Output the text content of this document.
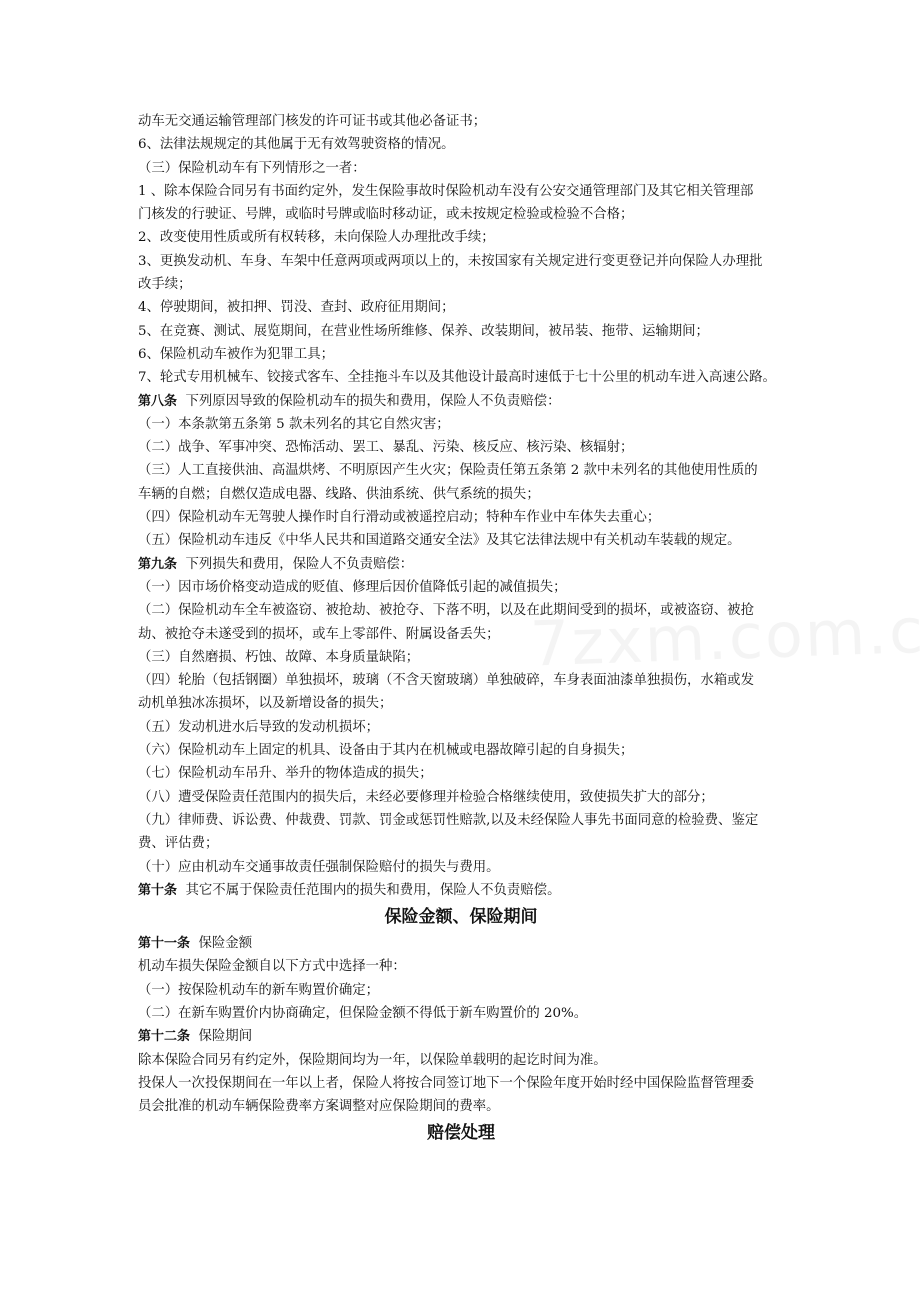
动车无交通运输管理部门核发的许可证书或其他必备证书；
6、法律法规规定的其他属于无有效驾驶资格的情况。
（三）保险机动车有下列情形之一者：
1 、除本保险合同另有书面约定外，发生保险事故时保险机动车没有公安交通管理部门及其它相关管理部
门核发的行驶证、号牌，或临时号牌或临时移动证，或未按规定检验或检验不合格；
2、改变使用性质或所有权转移，未向保险人办理批改手续；
3、更换发动机、车身、车架中任意两项或两项以上的，未按国家有关规定进行变更登记并向保险人办理批
改手续；
4、停驶期间，被扣押、罚没、查封、政府征用期间；
5、在竞赛、测试、展览期间，在营业性场所维修、保养、改装期间，被吊装、拖带、运输期间；
6、保险机动车被作为犯罪工具；
7、轮式专用机械车、铰接式客车、全挂拖斗车以及其他设计最高时速低于七十公里的机动车进入高速公路。
第八条  下列原因导致的保险机动车的损失和费用，保险人不负责赔偿：
（一）本条款第五条第 5 款未列名的其它自然灾害；
（二）战争、军事冲突、恐怖活动、罢工、暴乱、污染、核反应、核污染、核辐射；
（三）人工直接供油、高温烘烤、不明原因产生火灾；保险责任第五条第 2 款中未列名的其他使用性质的
车辆的自燃；自燃仅造成电器、线路、供油系统、供气系统的损失；
（四）保险机动车无驾驶人操作时自行滑动或被遥控启动；特种车作业中车体失去重心；
（五）保险机动车违反《中华人民共和国道路交通安全法》及其它法律法规中有关机动车装载的规定。
第九条  下列损失和费用，保险人不负责赔偿：
（一）因市场价格变动造成的贬值、修理后因价值降低引起的减值损失；
（二）保险机动车全车被盗窃、被抢劫、被抢夺、下落不明，以及在此期间受到的损坏，或被盗窃、被抢
劫、被抢夺未遂受到的损坏，或车上零部件、附属设备丢失；
（三）自然磨损、朽蚀、故障、本身质量缺陷；
（四）轮胎（包括钢圈）单独损坏，玻璃（不含天窗玻璃）单独破碎，车身表面油漆单独损伤，水箱或发
动机单独冰冻损坏，以及新增设备的损失；
（五）发动机进水后导致的发动机损坏；
（六）保险机动车上固定的机具、设备由于其内在机械或电器故障引起的自身损失；
（七）保险机动车吊升、举升的物体造成的损失；
（八）遭受保险责任范围内的损失后，未经必要修理并检验合格继续使用，致使损失扩大的部分；
（九）律师费、诉讼费、仲裁费、罚款、罚金或惩罚性赔款,以及未经保险人事先书面同意的检验费、鉴定
费、评估费；
（十）应由机动车交通事故责任强制保险赔付的损失与费用。
第十条  其它不属于保险责任范围内的损失和费用，保险人不负责赔偿。
保险金额、保险期间
第十一条  保险金额
机动车损失保险金额自以下方式中选择一种：
（一）按保险机动车的新车购置价确定；
（二）在新车购置价内协商确定，但保险金额不得低于新车购置价的 20%。
第十二条  保险期间
除本保险合同另有约定外，保险期间均为一年，以保险单载明的起讫时间为准。
投保人一次投保期间在一年以上者，保险人将按合同签订地下一个保险年度开始时经中国保险监督管理委
员会批准的机动车辆保险费率方案调整对应保险期间的费率。
赔偿处理
